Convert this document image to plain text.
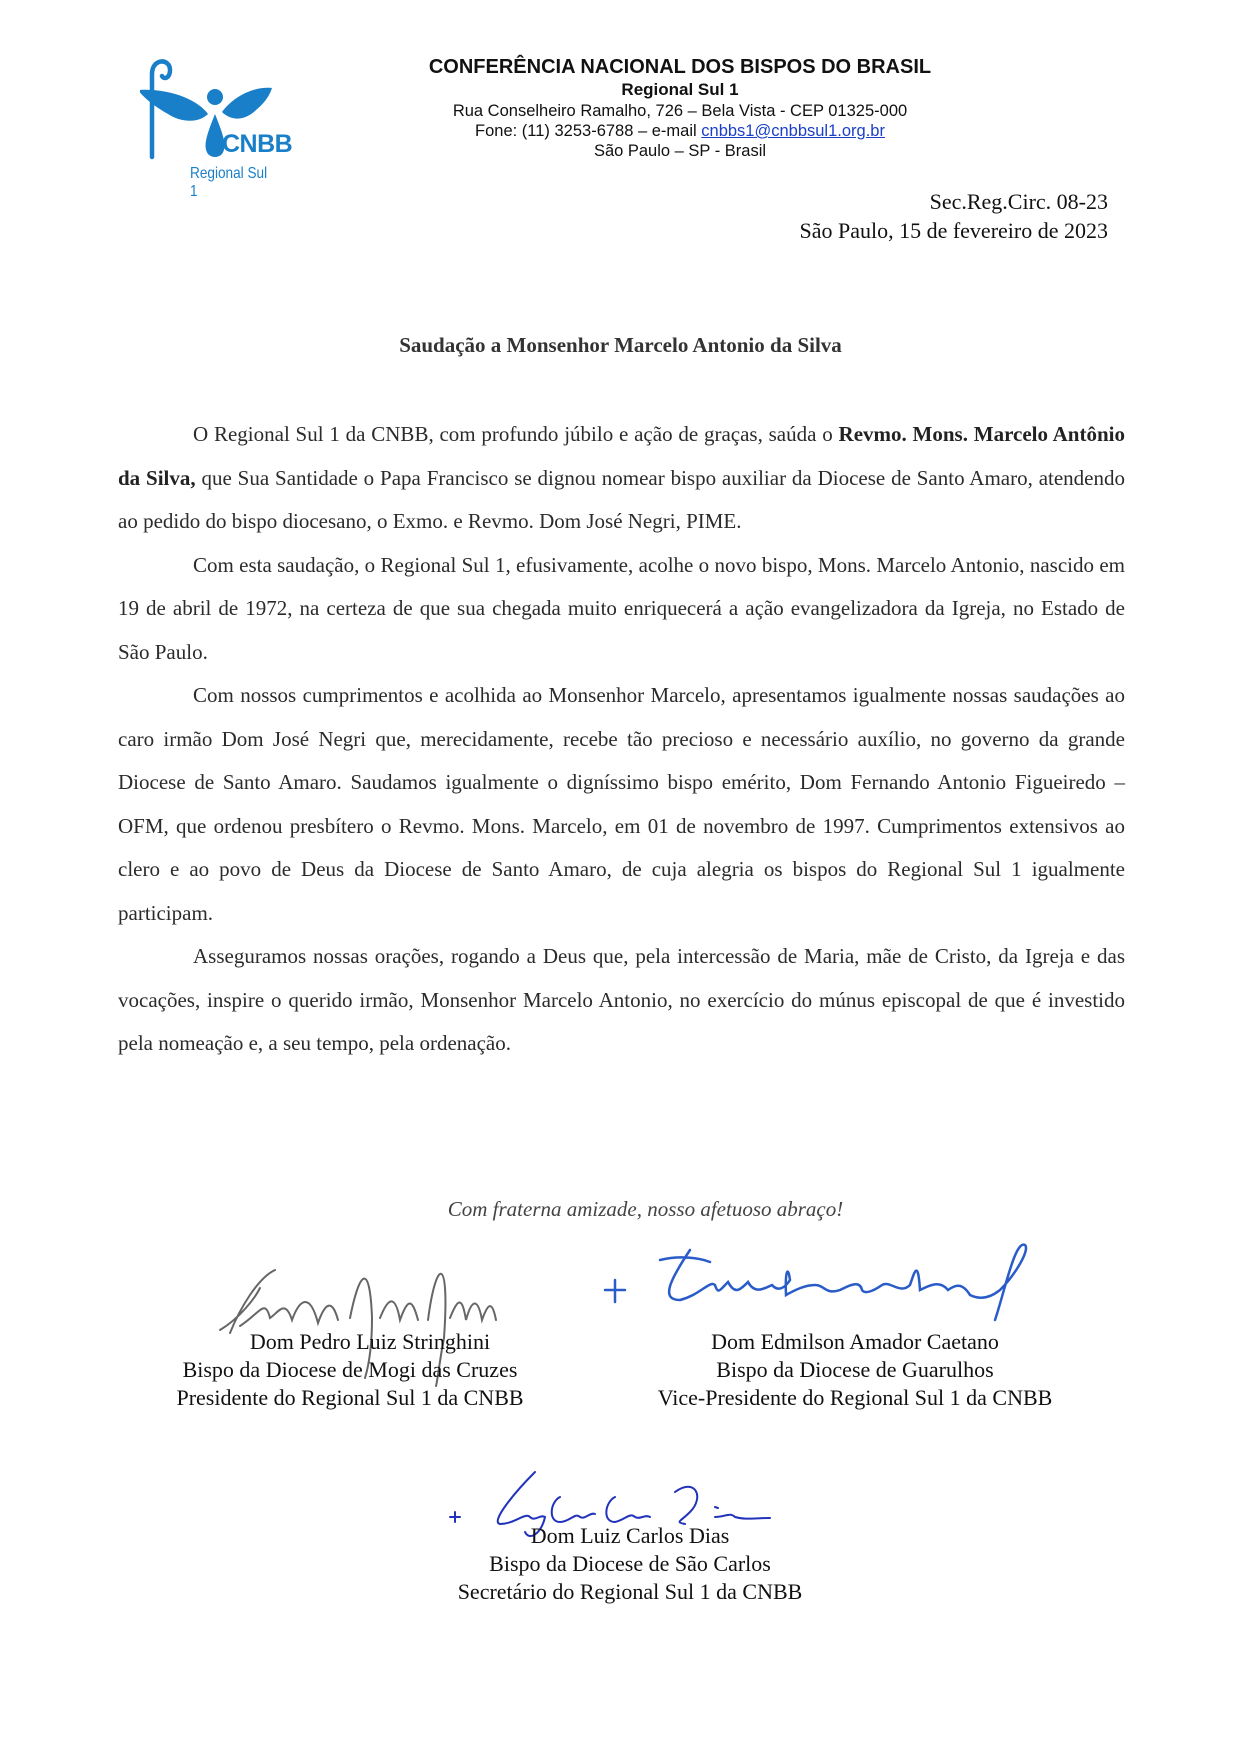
CNBB
Regional Sul 1
CONFERÊNCIA NACIONAL DOS BISPOS DO BRASIL
Regional Sul 1
Rua Conselheiro Ramalho, 726 – Bela Vista - CEP 01325-000
Fone: (11) 3253-6788 – e-mail cnbbs1@cnbbsul1.org.br
São Paulo – SP - Brasil
Sec.Reg.Circ. 08-23
São Paulo, 15 de fevereiro de 2023
Saudação a Monsenhor Marcelo Antonio da Silva

O Regional Sul 1 da CNBB, com profundo júbilo e ação de graças, saúda o Revmo. Mons. Marcelo Antônio da Silva, que Sua Santidade o Papa Francisco se dignou nomear bispo auxiliar da Diocese de Santo Amaro, atendendo ao pedido do bispo diocesano, o Exmo. e Revmo. Dom José Negri, PIME.

Com esta saudação, o Regional Sul 1, efusivamente, acolhe o novo bispo, Mons. Marcelo Antonio, nascido em 19 de abril de 1972, na certeza de que sua chegada muito enriquecerá a ação evangelizadora da Igreja, no Estado de São Paulo.

Com nossos cumprimentos e acolhida ao Monsenhor Marcelo, apresentamos igualmente nossas saudações ao caro irmão Dom José Negri que, merecidamente, recebe tão precioso e necessário auxílio, no governo da grande Diocese de Santo Amaro. Saudamos igualmente o digníssimo bispo emérito, Dom Fernando Antonio Figueiredo – OFM, que ordenou presbítero o Revmo. Mons. Marcelo, em 01 de novembro de 1997. Cumprimentos extensivos ao clero e ao povo de Deus da Diocese de Santo Amaro, de cuja alegria os bispos do Regional Sul 1 igualmente participam.

Asseguramos nossas orações, rogando a Deus que, pela intercessão de Maria, mãe de Cristo, da Igreja e das vocações, inspire o querido irmão, Monsenhor Marcelo Antonio, no exercício do múnus episcopal de que é investido pela nomeação e, a seu tempo, pela ordenação.

Com fraterna amizade, nosso afetuoso abraço!
Dom Pedro Luiz Stringhini
Bispo da Diocese de Mogi das Cruzes
Presidente do Regional Sul 1 da CNBB
Dom Edmilson Amador Caetano
Bispo da Diocese de Guarulhos
Vice-Presidente do Regional Sul 1 da CNBB
Dom Luiz Carlos Dias
Bispo da Diocese de São Carlos
Secretário do Regional Sul 1 da CNBB
